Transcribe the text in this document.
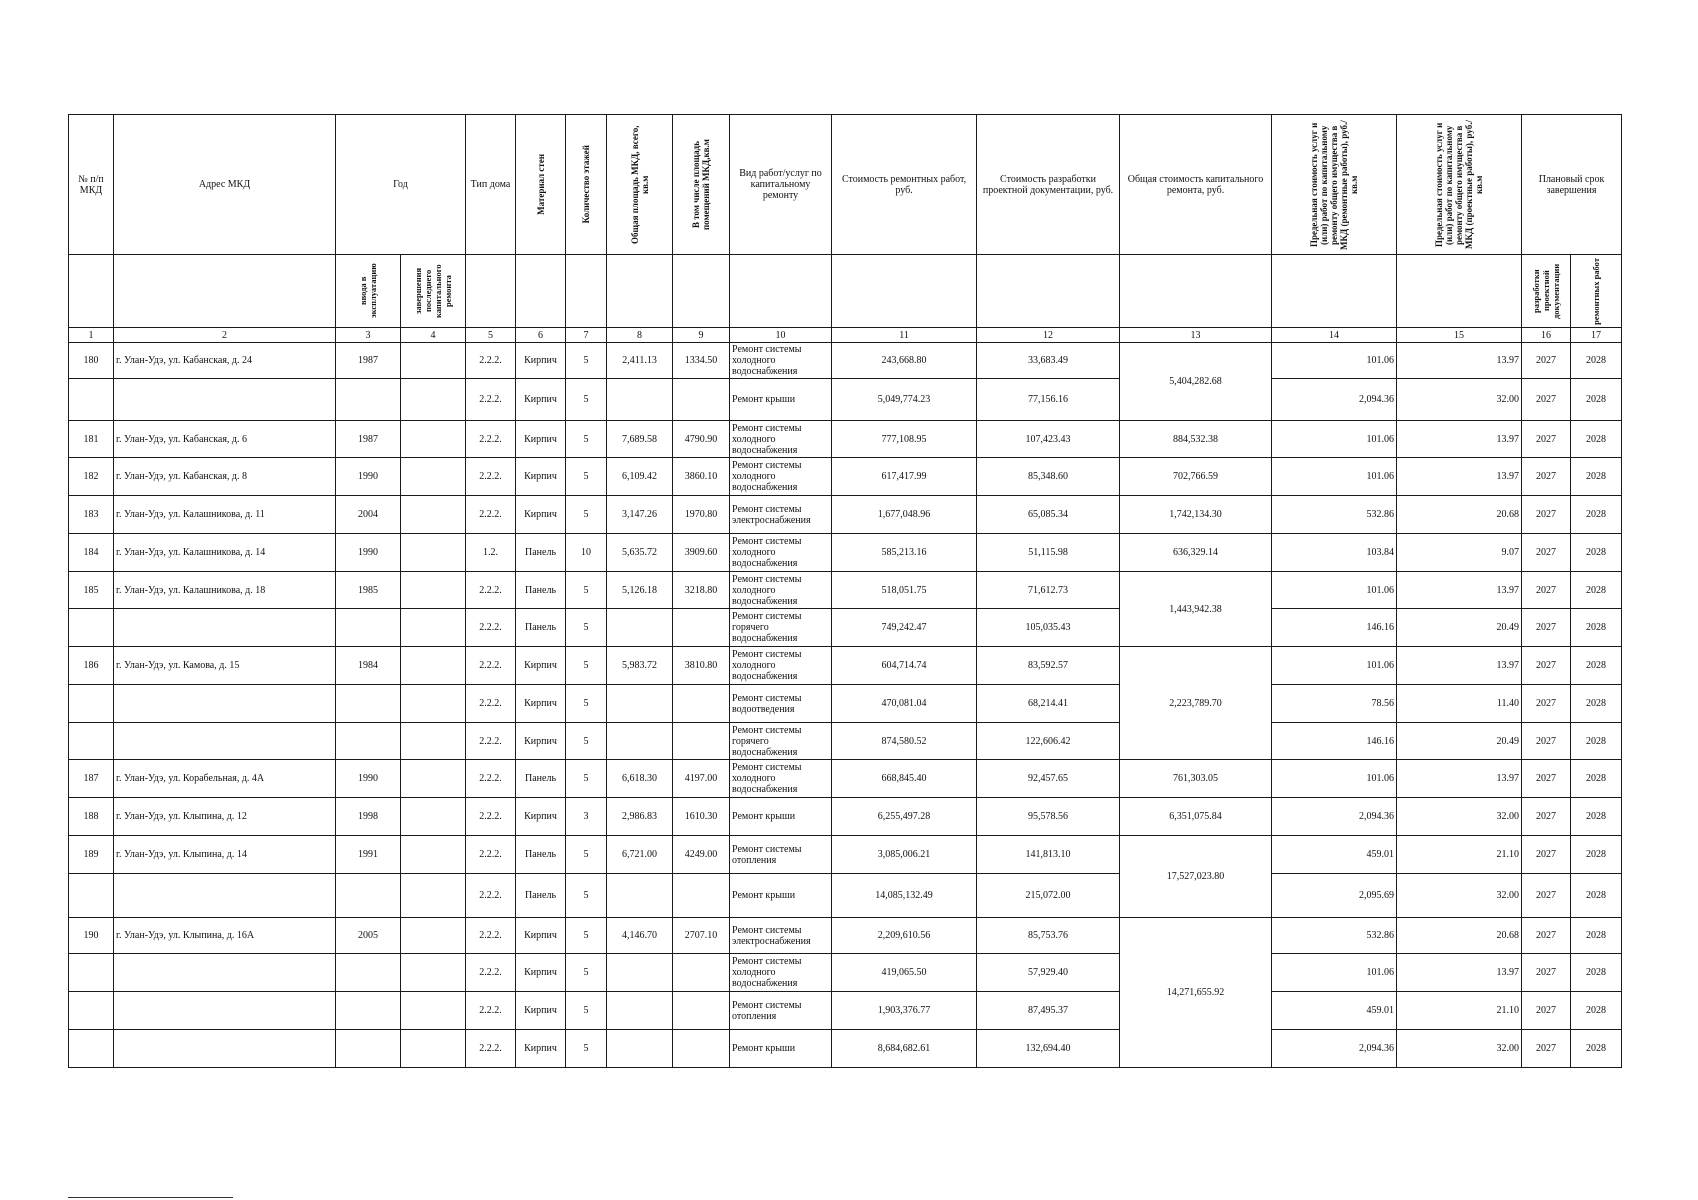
№ п/п МКД	Адрес МКД	Год		Тип дома	Материал стен	Количество этажей	Общая площадь МКД, всего, кв.м	В том числе площадь помещений МКД,кв.м	Вид работ/услуг по капитальному ремонту	Стоимость ремонтных работ, руб.	Стоимость разработки проектной документации, руб.	Общая стоимость капитального ремонта, руб.	Предельная стоимость услуг и (или) работ по капитальному ремонту общего имущества в МКД (ремонтные работы), руб./кв.м	Предельная стоимость услуг и (или) работ по капитальному ремонту общего имущества в МКД (проектные работы), руб./кв.м	Плановый срок завершения	

		ввода в эксплуатацию	завершения последнего капитального ремонта												разработки проектной документации	ремонтных работ

1	2	3	4	5	6	7	8	9	10	11	12	13	14	15	16	17
180	г. Улан-Удэ, ул. Кабанская, д. 24	1987		2.2.2.	Кирпич	5	2,411.13	1334.50	Ремонт системы холодного водоснабжения	243,668.80	33,683.49	5,404,282.68	101.06	13.97	2027	2028
				2.2.2.	Кирпич	5			Ремонт крыши	5,049,774.23	77,156.16		2,094.36	32.00	2027	2028
181	г. Улан-Удэ, ул. Кабанская, д. 6	1987		2.2.2.	Кирпич	5	7,689.58	4790.90	Ремонт системы холодного водоснабжения	777,108.95	107,423.43	884,532.38	101.06	13.97	2027	2028
182	г. Улан-Удэ, ул. Кабанская, д. 8	1990		2.2.2.	Кирпич	5	6,109.42	3860.10	Ремонт системы холодного водоснабжения	617,417.99	85,348.60	702,766.59	101.06	13.97	2027	2028
183	г. Улан-Удэ, ул. Калашникова, д. 11	2004		2.2.2.	Кирпич	5	3,147.26	1970.80	Ремонт системы электроснабжения	1,677,048.96	65,085.34	1,742,134.30	532.86	20.68	2027	2028
184	г. Улан-Удэ, ул. Калашникова, д. 14	1990		1.2.	Панель	10	5,635.72	3909.60	Ремонт системы холодного водоснабжения	585,213.16	51,115.98	636,329.14	103.84	9.07	2027	2028
185	г. Улан-Удэ, ул. Калашникова, д. 18	1985		2.2.2.	Панель	5	5,126.18	3218.80	Ремонт системы холодного водоснабжения	518,051.75	71,612.73	1,443,942.38	101.06	13.97	2027	2028
				2.2.2.	Панель	5			Ремонт системы горячего водоснабжения	749,242.47	105,035.43		146.16	20.49	2027	2028
186	г. Улан-Удэ, ул. Камова, д. 15	1984		2.2.2.	Кирпич	5	5,983.72	3810.80	Ремонт системы холодного водоснабжения	604,714.74	83,592.57	2,223,789.70	101.06	13.97	2027	2028
				2.2.2.	Кирпич	5			Ремонт системы водоотведения	470,081.04	68,214.41		78.56	11.40	2027	2028
				2.2.2.	Кирпич	5			Ремонт системы горячего водоснабжения	874,580.52	122,606.42		146.16	20.49	2027	2028
187	г. Улан-Удэ, ул. Корабельная, д. 4А	1990		2.2.2.	Панель	5	6,618.30	4197.00	Ремонт системы холодного водоснабжения	668,845.40	92,457.65	761,303.05	101.06	13.97	2027	2028
188	г. Улан-Удэ, ул. Клыпина, д. 12	1998		2.2.2.	Кирпич	3	2,986.83	1610.30	Ремонт крыши	6,255,497.28	95,578.56	6,351,075.84	2,094.36	32.00	2027	2028
189	г. Улан-Удэ, ул. Клыпина, д. 14	1991		2.2.2.	Панель	5	6,721.00	4249.00	Ремонт системы отопления	3,085,006.21	141,813.10	17,527,023.80	459.01	21.10	2027	2028
				2.2.2.	Панель	5			Ремонт крыши	14,085,132.49	215,072.00		2,095.69	32.00	2027	2028
190	г. Улан-Удэ, ул. Клыпина, д. 16А	2005		2.2.2.	Кирпич	5	4,146.70	2707.10	Ремонт системы электроснабжения	2,209,610.56	85,753.76	14,271,655.92	532.86	20.68	2027	2028
				2.2.2.	Кирпич	5			Ремонт системы холодного водоснабжения	419,065.50	57,929.40		101.06	13.97	2027	2028
				2.2.2.	Кирпич	5			Ремонт системы отопления	1,903,376.77	87,495.37		459.01	21.10	2027	2028
				2.2.2.	Кирпич	5			Ремонт крыши	8,684,682.61	132,694.40		2,094.36	32.00	2027	2028
